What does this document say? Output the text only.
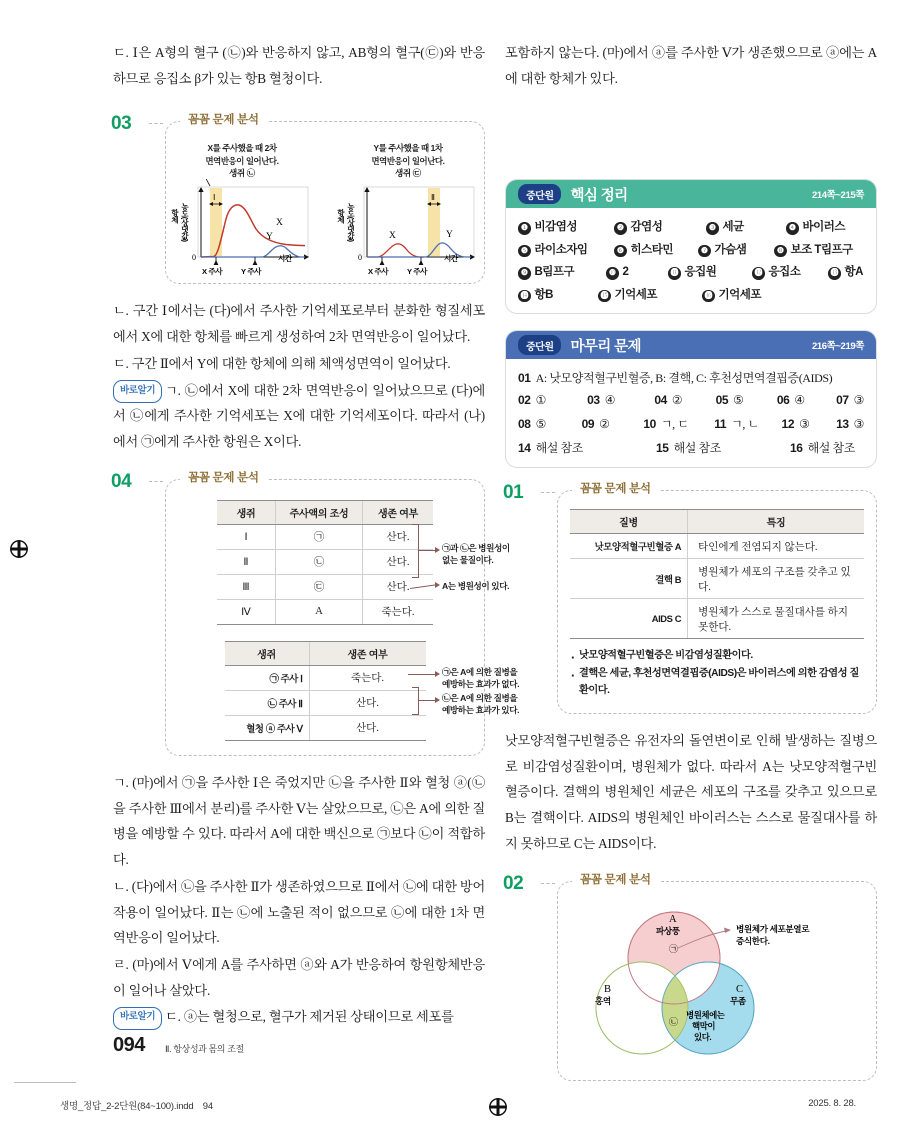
ㄷ. Ⅰ은 A형의 혈구 (㉡)와 반응하지 않고, AB형의 혈구(㉢)와 반응하므로 응집소 β가 있는 항B 혈청이다.

03	꼼꼼 문제 분석
X를 주사했을 때 2차
면역반응이 일어난다.
생쥐 ㉡
항체 농도(상댓값)
0
Ⅰ
X
Y
시간
X 주사 Y 주사
Y를 주사했을 때 1차
면역반응이 일어난다.
생쥐 ㉢
항체 농도(상댓값)
0
Ⅱ
X	Y
시간
X 주사 Y 주사

ㄴ. 구간 Ⅰ에서는 (다)에서 주사한 기억세포로부터 분화한 형질세포에서 X에 대한 항체를 빠르게 생성하여 2차 면역반응이 일어났다.

ㄷ. 구간 Ⅱ에서 Y에 대한 항체에 의해 체액성면역이 일어났다.

바로알기 ㄱ. ㉡에서 X에 대한 2차 면역반응이 일어났으므로 (다)에서 ㉡에게 주사한 기억세포는 X에 대한 기억세포이다. 따라서 (나)에서 ㉠에게 주사한 항원은 X이다.

04	꼼꼼 문제 분석
생쥐	주사액의 조성	생존 여부
Ⅰ	㉠	산다.
Ⅱ	㉡	산다.
Ⅲ	㉢	산다.
Ⅳ	A	죽는다.
㉠과 ㉡은 병원성이
없는 물질이다.
A는 병원성이 있다.
생쥐	생존 여부
㉠ 주사 Ⅰ	죽는다.
㉡ 주사 Ⅱ	산다.
혈청 ⓐ 주사 Ⅴ	산다.
㉠은 A에 의한 질병을
예방하는 효과가 없다.
㉡은 A에 의한 질병을
예방하는 효과가 있다.

ㄱ. (마)에서 ㉠을 주사한 Ⅰ은 죽었지만 ㉡을 주사한 Ⅱ와 혈청 ⓐ(㉡을 주사한 Ⅲ에서 분리)를 주사한 Ⅴ는 살았으므로, ㉡은 A에 의한 질병을 예방할 수 있다. 따라서 A에 대한 백신으로 ㉠보다 ㉡이 적합하다.

ㄴ. (다)에서 ㉡을 주사한 Ⅱ가 생존하였으므로 Ⅱ에서 ㉡에 대한 방어작용이 일어났다. Ⅱ는 ㉡에 노출된 적이 없으므로 ㉡에 대한 1차 면역반응이 일어났다.

ㄹ. (마)에서 Ⅴ에게 A를 주사하면 ⓐ와 A가 반응하여 항원항체반응이 일어나 살았다.

바로알기 ㄷ. ⓐ는 혈청으로, 혈구가 제거된 상태이므로 세포를

포함하지 않는다. (마)에서 ⓐ를 주사한 Ⅴ가 생존했으므로 ⓐ에는 A에 대한 항체가 있다.

중단원	핵심 정리	214쪽~215쪽
❶ 비감염성	❷ 감염성	❸ 세균	❹ 바이러스
❺ 라이소자임	❻ 히스타민	❼ 가슴샘	❽ 보조 T림프구
❾ B림프구	❿ 2	⓫ 응집원	⓬ 응집소	⓭ 항A
⓮ 항B	⓯ 기억세포	⓰ 기억세포
중단원	마무리 문제	216쪽~219쪽
01 A: 낫모양적혈구빈혈증, B: 결핵, C: 후천성면역결핍증(AIDS)
02 ①	03 ④	04 ②	05 ⑤	06 ④	07 ③
08 ⑤	09 ②	10 ㄱ, ㄷ 11 ㄱ, ㄴ 12 ③ 13 ③
14 해설 참조	15 해설 참조	16 해설 참조
01	꼼꼼 문제 분석
질병	특징
낫모양적혈구빈혈증 A	타인에게 전염되지 않는다.
결핵 B	병원체가 세포의 구조를 갖추고 있다.
AIDS C	병원체가 스스로 물질대사를 하지 못한다.
· 낫모양적혈구빈혈증은 비감염성질환이다.
· 결핵은 세균, 후천성면역결핍증(AIDS)은 바이러스에 의한 감염성 질환이다.

낫모양적혈구빈혈증은 유전자의 돌연변이로 인해 발생하는 질병으로 비감염성질환이며, 병원체가 없다. 따라서 A는 낫모양적혈구빈혈증이다. 결핵의 병원체인 세균은 세포의 구조를 갖추고 있으므로 B는 결핵이다. AIDS의 병원체인 바이러스는 스스로 물질대사를 하지 못하므로 C는 AIDS이다.

02	꼼꼼 문제 분석
A
파상풍
㉠
B
홍역
C
무좀
㉡
병원체에는
핵막이
있다.
병원체가 세포분열로
증식한다.
094 Ⅱ. 항상성과 몸의 조절
생명_정답_2-2단원(84~100).indd　94	2025. 8. 28.
